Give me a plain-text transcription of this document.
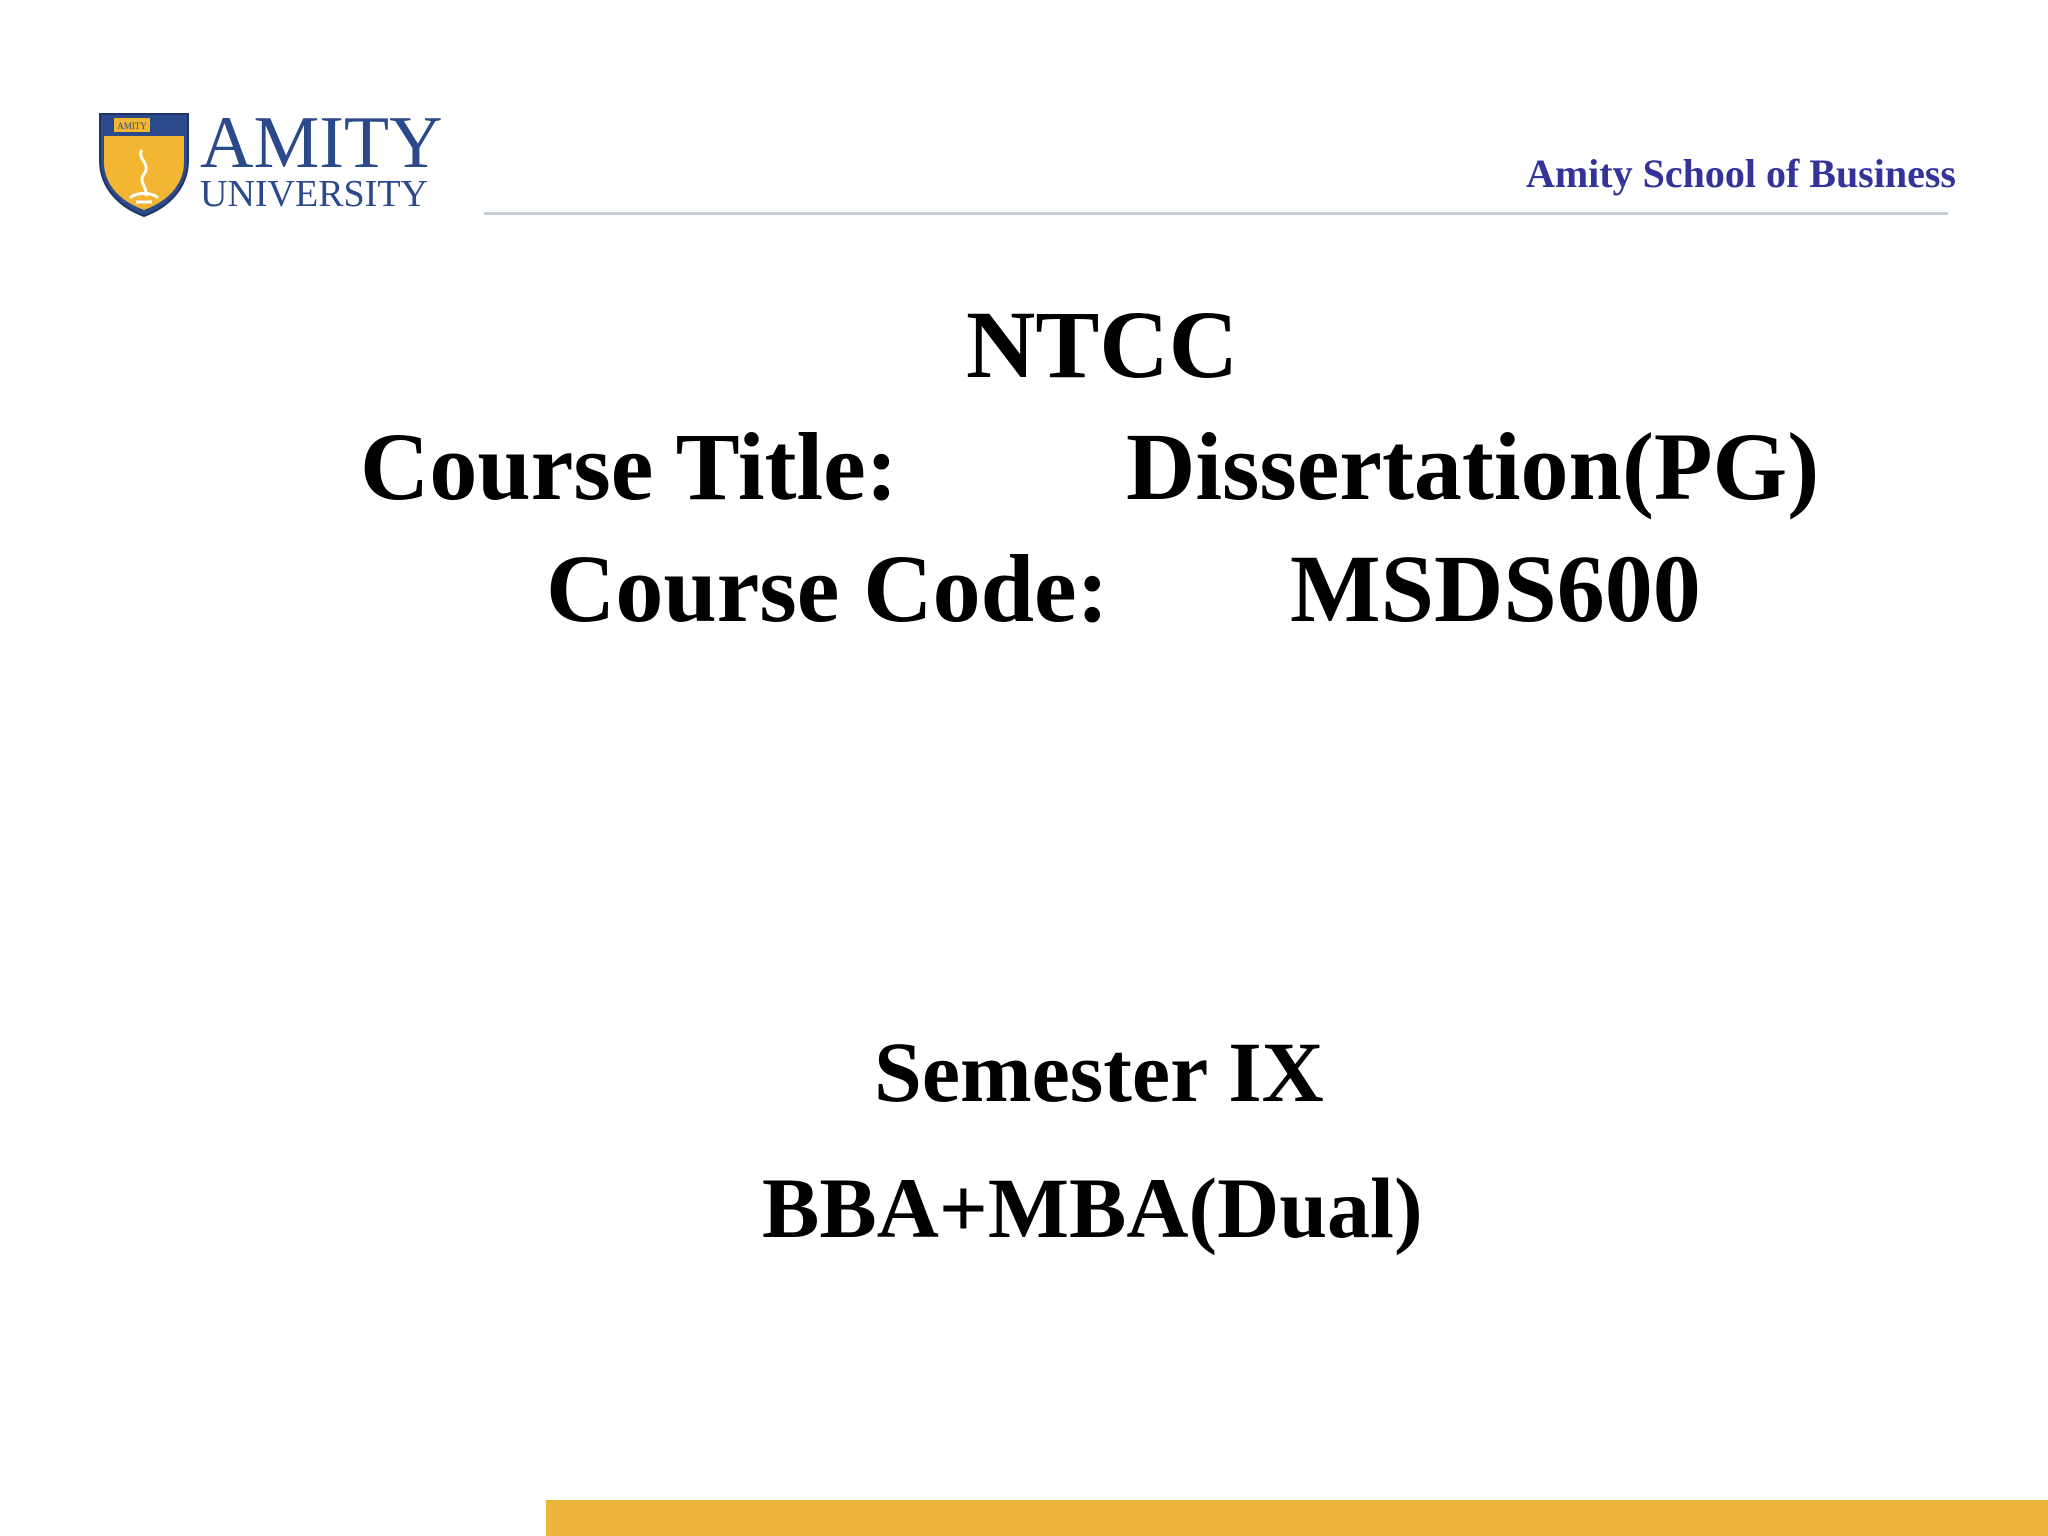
AMITY AMITY
UNIVERSITY	Amity School of Business
NTCC
Course Title: Dissertation(PG)
Course Code: MSDS600
Semester IX
BBA+MBA(Dual)
